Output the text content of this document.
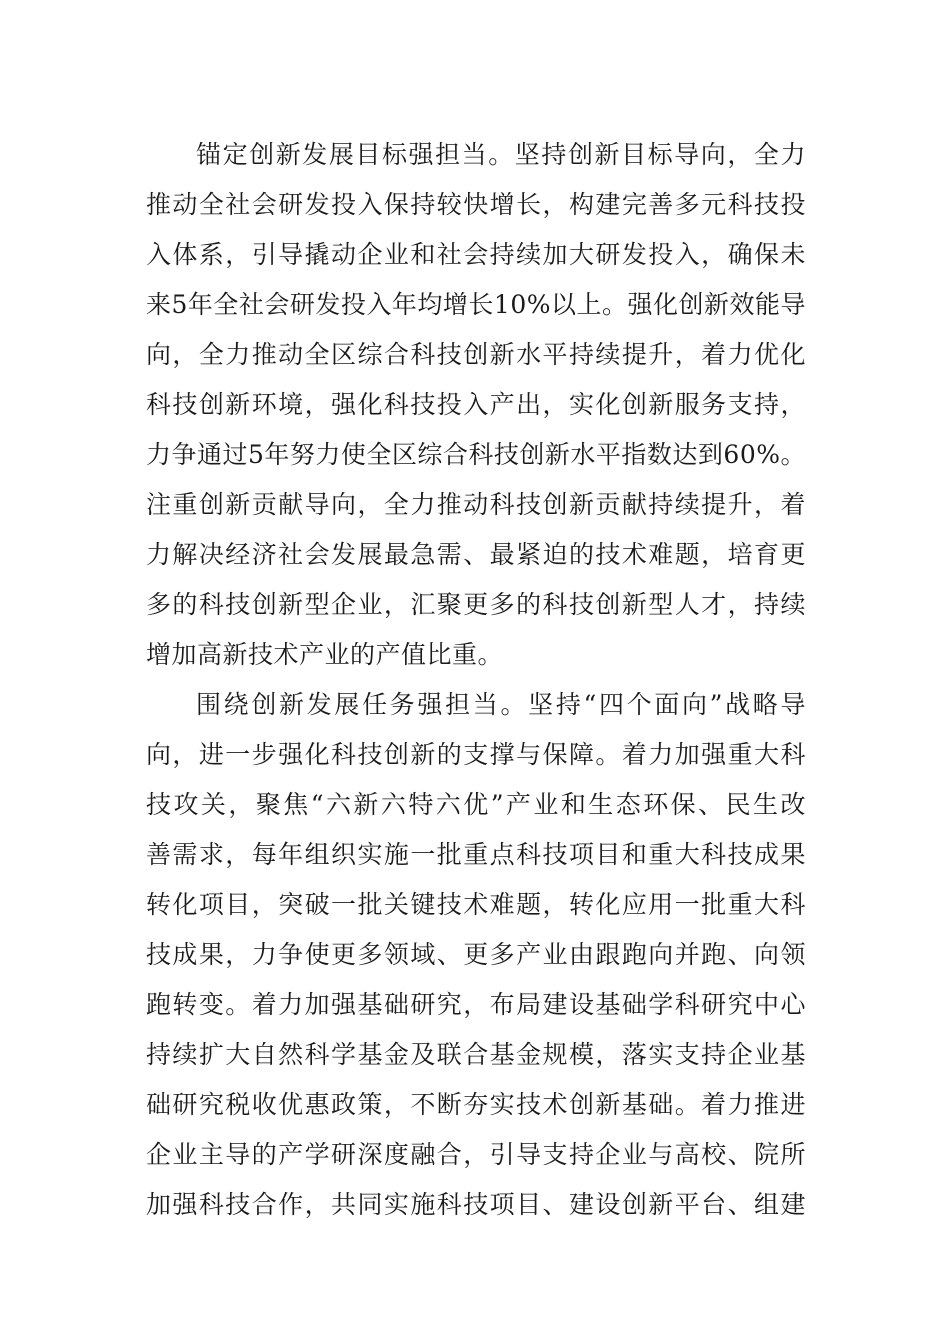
锚定创新发展目标强担当。坚持创新目标导向，全力
推动全社会研发投入保持较快增长，构建完善多元科技投
入体系，引导撬动企业和社会持续加大研发投入，确保未
来5年全社会研发投入年均增长10%以上。强化创新效能导
向，全力推动全区综合科技创新水平持续提升，着力优化
科技创新环境，强化科技投入产出，实化创新服务支持，
力争通过5年努力使全区综合科技创新水平指数达到60%。
注重创新贡献导向，全力推动科技创新贡献持续提升，着
力解决经济社会发展最急需、最紧迫的技术难题，培育更
多的科技创新型企业，汇聚更多的科技创新型人才，持续
增加高新技术产业的产值比重。

围绕创新发展任务强担当。坚持“四个面向”战略导
向，进一步强化科技创新的支撑与保障。着力加强重大科
技攻关，聚焦“六新六特六优”产业和生态环保、民生改
善需求，每年组织实施一批重点科技项目和重大科技成果
转化项目，突破一批关键技术难题，转化应用一批重大科
技成果，力争使更多领域、更多产业由跟跑向并跑、向领
跑转变。着力加强基础研究，布局建设基础学科研究中心
持续扩大自然科学基金及联合基金规模，落实支持企业基
础研究税收优惠政策，不断夯实技术创新基础。着力推进
企业主导的产学研深度融合，引导支持企业与高校、院所
加强科技合作，共同实施科技项目、建设创新平台、组建
